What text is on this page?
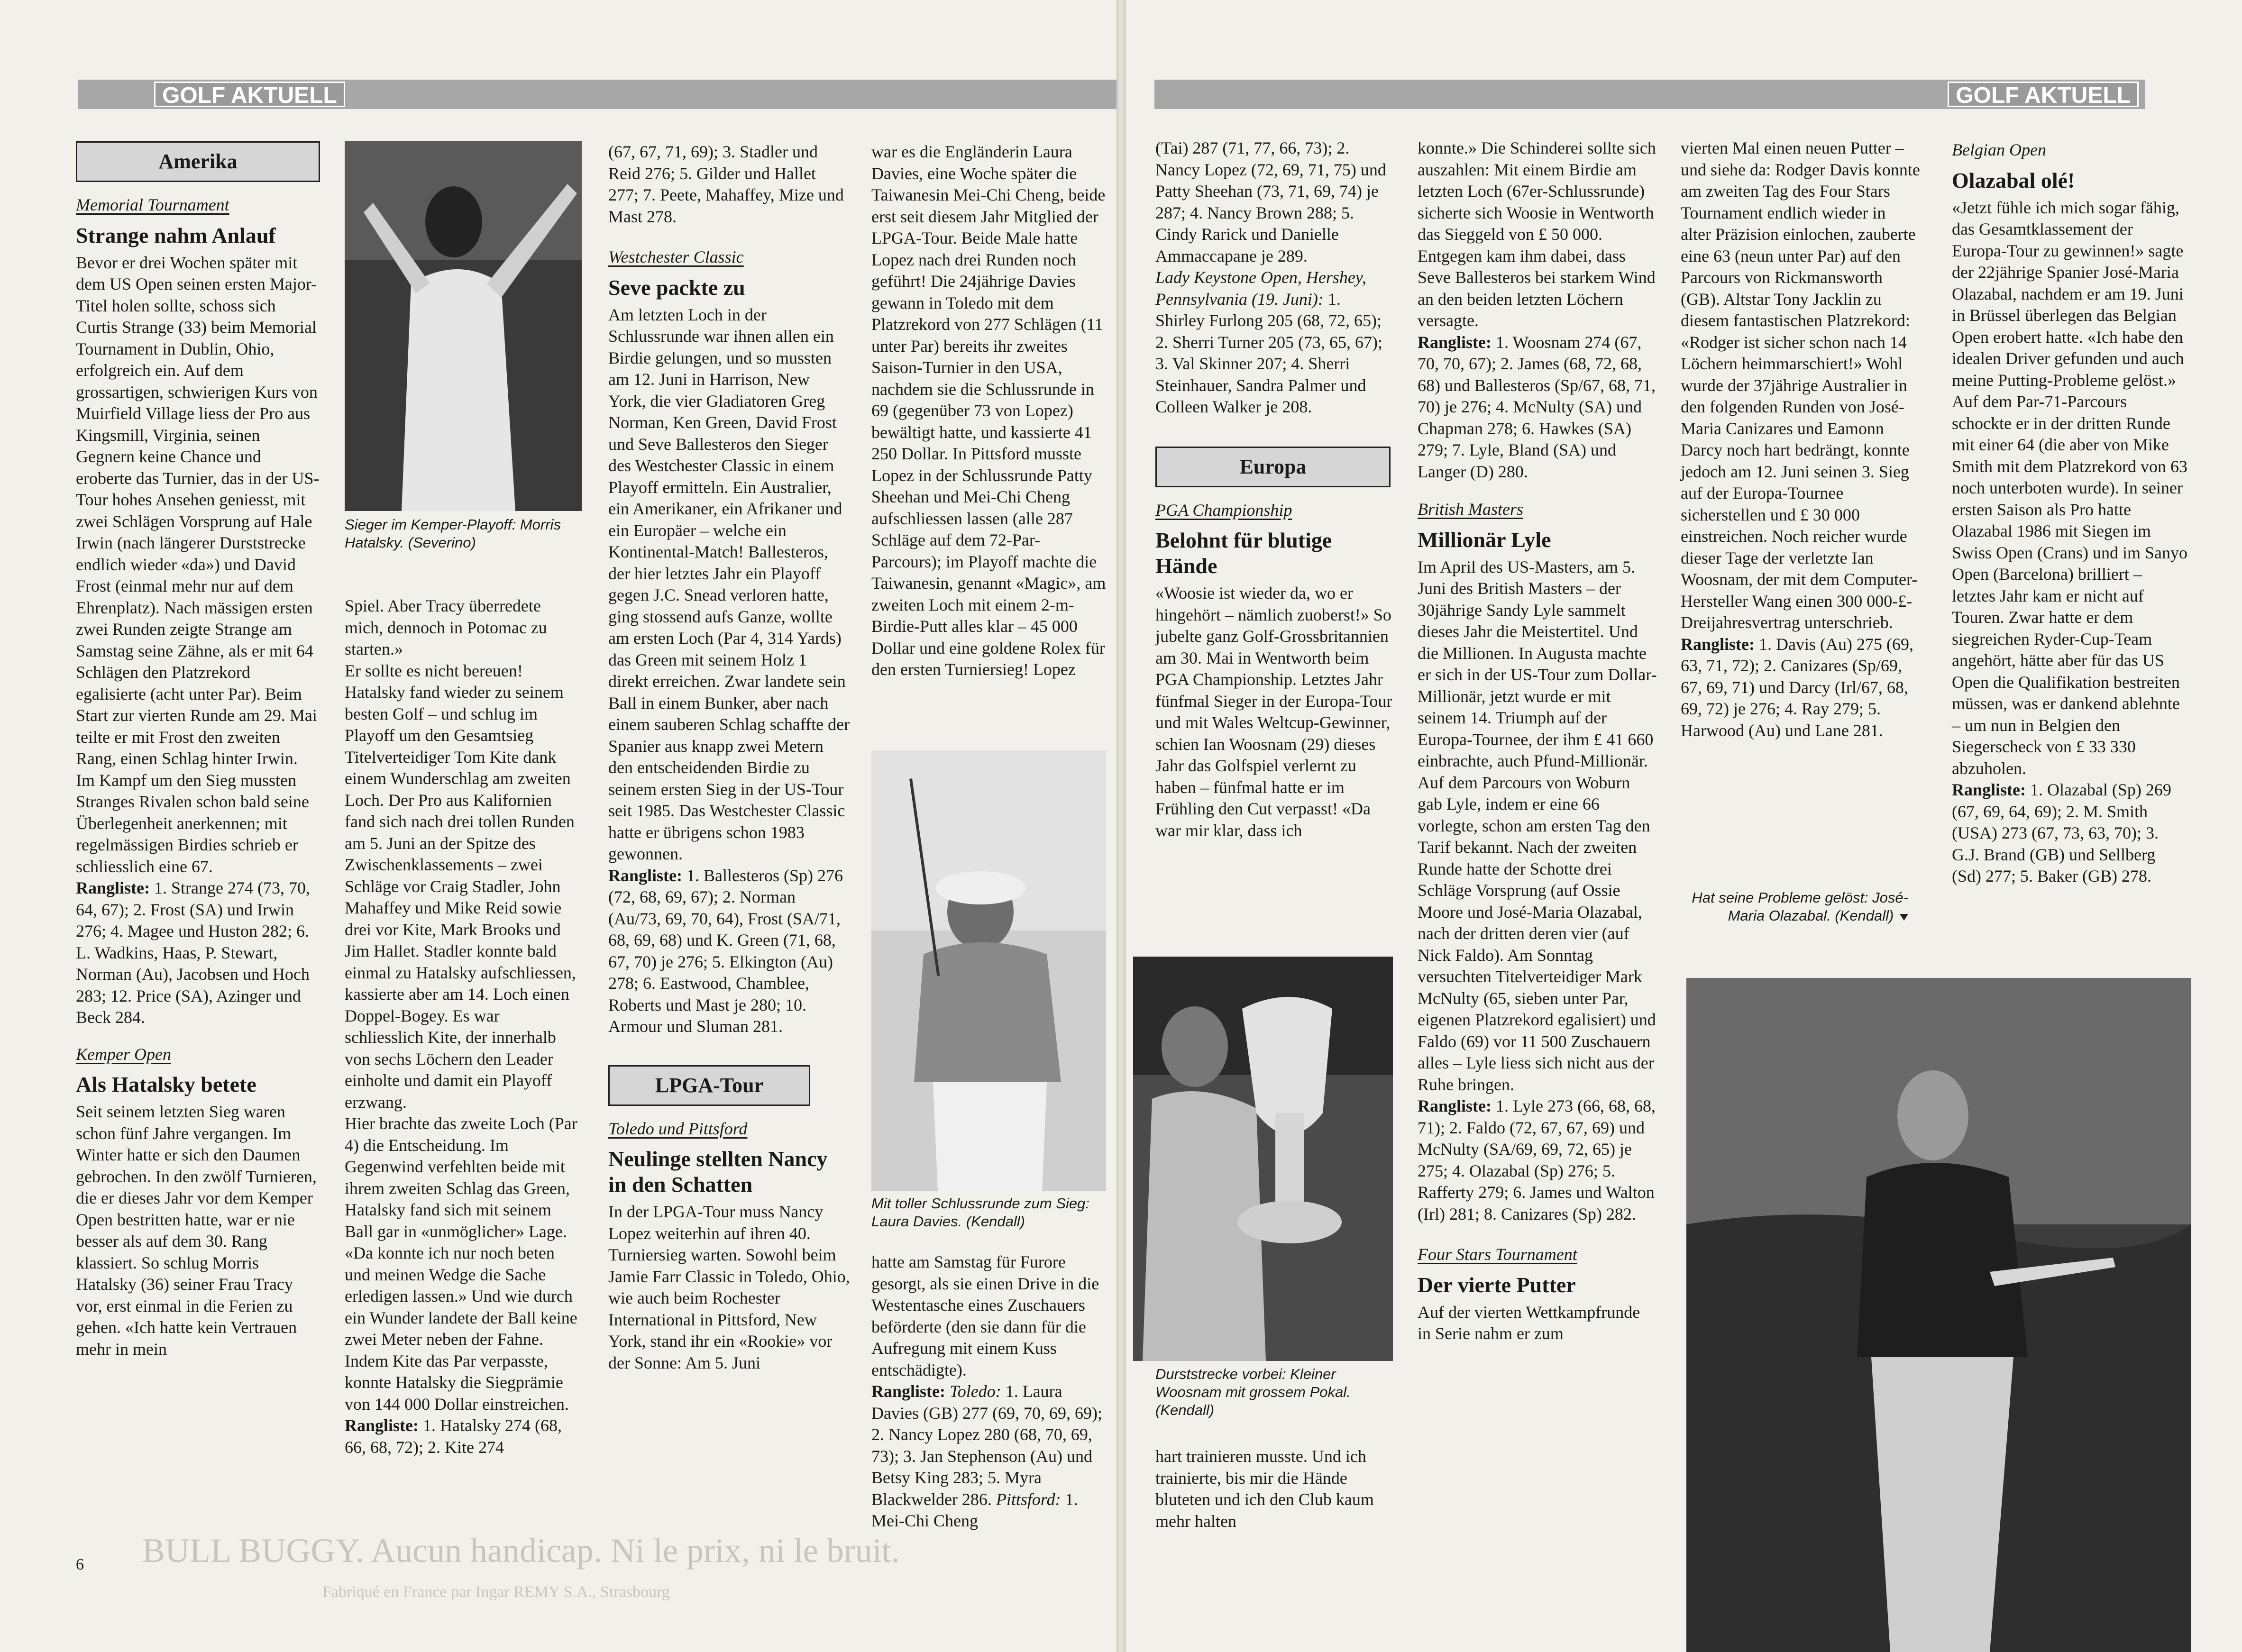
GOLF AKTUELL
BULL BUGGY. Aucun handicap. Ni le prix, ni le bruit.
Fabriqué en France par Ingar REMY S.A., Strasbourg
Amerika
Memorial Tournament
Strange nahm Anlauf

Bevor er drei Wochen später mit dem US Open seinen ersten Major-Titel holen sollte, schoss sich Curtis Strange (33) beim Memorial Tournament in Dublin, Ohio, erfolgreich ein. Auf dem grossartigen, schwierigen Kurs von Muirfield Village liess der Pro aus Kingsmill, Virginia, seinen Gegnern keine Chance und eroberte das Turnier, das in der US-Tour hohes Ansehen geniesst, mit zwei Schlägen Vorsprung auf Hale Irwin (nach längerer Durststrecke endlich wieder «da») und David Frost (einmal mehr nur auf dem Ehrenplatz). Nach mässigen ersten zwei Runden zeigte Strange am Samstag seine Zähne, als er mit 64 Schlägen den Platzrekord egalisierte (acht unter Par). Beim Start zur vierten Runde am 29. Mai teilte er mit Frost den zweiten Rang, einen Schlag hinter Irwin. Im Kampf um den Sieg mussten Stranges Rivalen schon bald seine Überlegenheit anerkennen; mit regelmässigen Birdies schrieb er schliesslich eine 67.

Rangliste: 1. Strange 274 (73, 70, 64, 67); 2. Frost (SA) und Irwin 276; 4. Magee und Huston 282; 6. L. Wadkins, Haas, P. Stewart, Norman (Au), Jacobsen und Hoch 283; 12. Price (SA), Azinger und Beck 284.

Kemper Open
Als Hatalsky betete

Seit seinem letzten Sieg waren schon fünf Jahre vergangen. Im Winter hatte er sich den Daumen gebrochen. In den zwölf Turnieren, die er dieses Jahr vor dem Kemper Open bestritten hatte, war er nie besser als auf dem 30. Rang klassiert. So schlug Morris Hatalsky (36) seiner Frau Tracy vor, erst einmal in die Ferien zu gehen. «Ich hatte kein Vertrauen mehr in mein

Sieger im Kemper-Playoff: Morris Hatalsky. (Severino)

Spiel. Aber Tracy überredete mich, dennoch in Potomac zu starten.»

Er sollte es nicht bereuen! Hatalsky fand wieder zu seinem besten Golf – und schlug im Playoff um den Gesamtsieg Titelverteidiger Tom Kite dank einem Wunderschlag am zweiten Loch. Der Pro aus Kalifornien fand sich nach drei tollen Runden am 5. Juni an der Spitze des Zwischenklassements – zwei Schläge vor Craig Stadler, John Mahaffey und Mike Reid sowie drei vor Kite, Mark Brooks und Jim Hallet. Stadler konnte bald einmal zu Hatalsky aufschliessen, kassierte aber am 14. Loch einen Doppel-Bogey. Es war schliesslich Kite, der innerhalb von sechs Löchern den Leader einholte und damit ein Playoff erzwang.

Hier brachte das zweite Loch (Par 4) die Entscheidung. Im Gegenwind verfehlten beide mit ihrem zweiten Schlag das Green, Hatalsky fand sich mit seinem Ball gar in «unmöglicher» Lage. «Da konnte ich nur noch beten und meinen Wedge die Sache erledigen lassen.» Und wie durch ein Wunder landete der Ball keine zwei Meter neben der Fahne. Indem Kite das Par verpasste, konnte Hatalsky die Siegprämie von 144 000 Dollar einstreichen.

Rangliste: 1. Hatalsky 274 (68, 66, 68, 72); 2. Kite 274

(67, 67, 71, 69); 3. Stadler und Reid 276; 5. Gilder und Hallet 277; 7. Peete, Mahaffey, Mize und Mast 278.

Westchester Classic
Seve packte zu

Am letzten Loch in der Schlussrunde war ihnen allen ein Birdie gelungen, und so mussten am 12. Juni in Harrison, New York, die vier Gladiatoren Greg Norman, Ken Green, David Frost und Seve Ballesteros den Sieger des Westchester Classic in einem Playoff ermitteln. Ein Australier, ein Amerikaner, ein Afrikaner und ein Europäer – welche ein Kontinental-Match! Ballesteros, der hier letztes Jahr ein Playoff gegen J.C. Snead verloren hatte, ging stossend aufs Ganze, wollte am ersten Loch (Par 4, 314 Yards) das Green mit seinem Holz 1 direkt erreichen. Zwar landete sein Ball in einem Bunker, aber nach einem sauberen Schlag schaffte der Spanier aus knapp zwei Metern den entscheidenden Birdie zu seinem ersten Sieg in der US-Tour seit 1985. Das Westchester Classic hatte er übrigens schon 1983 gewonnen.

Rangliste: 1. Ballesteros (Sp) 276 (72, 68, 69, 67); 2. Norman (Au/73, 69, 70, 64), Frost (SA/71, 68, 69, 68) und K. Green (71, 68, 67, 70) je 276; 5. Elkington (Au) 278; 6. Eastwood, Chamblee, Roberts und Mast je 280; 10. Armour und Sluman 281.

LPGA-Tour
Toledo und Pittsford
Neulinge stellten Nancy in den Schatten

In der LPGA-Tour muss Nancy Lopez weiterhin auf ihren 40. Turniersieg warten. Sowohl beim Jamie Farr Classic in Toledo, Ohio, wie auch beim Rochester International in Pittsford, New York, stand ihr ein «Rookie» vor der Sonne: Am 5. Juni

war es die Engländerin Laura Davies, eine Woche später die Taiwanesin Mei-Chi Cheng, beide erst seit diesem Jahr Mitglied der LPGA-Tour. Beide Male hatte Lopez nach drei Runden noch geführt! Die 24jährige Davies gewann in Toledo mit dem Platzrekord von 277 Schlägen (11 unter Par) bereits ihr zweites Saison-Turnier in den USA, nachdem sie die Schlussrunde in 69 (gegenüber 73 von Lopez) bewältigt hatte, und kassierte 41 250 Dollar. In Pittsford musste Lopez in der Schlussrunde Patty Sheehan und Mei-Chi Cheng aufschliessen lassen (alle 287 Schläge auf dem 72-Par-Parcours); im Playoff machte die Taiwanesin, genannt «Magic», am zweiten Loch mit einem 2-m-Birdie-Putt alles klar – 45 000 Dollar und eine goldene Rolex für den ersten Turniersieg! Lopez

Mit toller Schlussrunde zum Sieg: Laura Davies. (Kendall)

hatte am Samstag für Furore gesorgt, als sie einen Drive in die Westentasche eines Zuschauers beförderte (den sie dann für die Aufregung mit einem Kuss entschädigte).

Rangliste: Toledo: 1. Laura Davies (GB) 277 (69, 70, 69, 69); 2. Nancy Lopez 280 (68, 70, 69, 73); 3. Jan Stephenson (Au) und Betsy King 283; 5. Myra Blackwelder 286. Pittsford: 1. Mei-Chi Cheng

6
GOLF AKTUELL

(Tai) 287 (71, 77, 66, 73); 2. Nancy Lopez (72, 69, 71, 75) und Patty Sheehan (73, 71, 69, 74) je 287; 4. Nancy Brown 288; 5. Cindy Rarick und Danielle Ammaccapane je 289.

Lady Keystone Open, Hershey, Pennsylvania (19. Juni): 1. Shirley Furlong 205 (68, 72, 65); 2. Sherri Turner 205 (73, 65, 67); 3. Val Skinner 207; 4. Sherri Steinhauer, Sandra Palmer und Colleen Walker je 208.

Europa
PGA Championship
Belohnt für blutige Hände

«Woosie ist wieder da, wo er hingehört – nämlich zuoberst!» So jubelte ganz Golf-Grossbritannien am 30. Mai in Wentworth beim PGA Championship. Letztes Jahr fünfmal Sieger in der Europa-Tour und mit Wales Weltcup-Gewinner, schien Ian Woosnam (29) dieses Jahr das Golfspiel verlernt zu haben – fünfmal hatte er im Frühling den Cut verpasst! «Da war mir klar, dass ich

Durststrecke vorbei: Kleiner Woosnam mit grossem Pokal. (Kendall)

hart trainieren musste. Und ich trainierte, bis mir die Hände bluteten und ich den Club kaum mehr halten

konnte.» Die Schinderei sollte sich auszahlen: Mit einem Birdie am letzten Loch (67er-Schlussrunde) sicherte sich Woosie in Wentworth das Sieggeld von £ 50 000. Entgegen kam ihm dabei, dass Seve Ballesteros bei starkem Wind an den beiden letzten Löchern versagte.

Rangliste: 1. Woosnam 274 (67, 70, 70, 67); 2. James (68, 72, 68, 68) und Ballesteros (Sp/67, 68, 71, 70) je 276; 4. McNulty (SA) und Chapman 278; 6. Hawkes (SA) 279; 7. Lyle, Bland (SA) und Langer (D) 280.

British Masters
Millionär Lyle

Im April des US-Masters, am 5. Juni des British Masters – der 30jährige Sandy Lyle sammelt dieses Jahr die Meistertitel. Und die Millionen. In Augusta machte er sich in der US-Tour zum Dollar-Millionär, jetzt wurde er mit seinem 14. Triumph auf der Europa-Tournee, der ihm £ 41 660 einbrachte, auch Pfund-Millionär.

Auf dem Parcours von Woburn gab Lyle, indem er eine 66 vorlegte, schon am ersten Tag den Tarif bekannt. Nach der zweiten Runde hatte der Schotte drei Schläge Vorsprung (auf Ossie Moore und José-Maria Olazabal, nach der dritten deren vier (auf Nick Faldo). Am Sonntag versuchten Titelverteidiger Mark McNulty (65, sieben unter Par, eigenen Platzrekord egalisiert) und Faldo (69) vor 11 500 Zuschauern alles – Lyle liess sich nicht aus der Ruhe bringen.

Rangliste: 1. Lyle 273 (66, 68, 68, 71); 2. Faldo (72, 67, 67, 69) und McNulty (SA/69, 69, 72, 65) je 275; 4. Olazabal (Sp) 276; 5. Rafferty 279; 6. James und Walton (Irl) 281; 8. Canizares (Sp) 282.

Four Stars Tournament
Der vierte Putter

Auf der vierten Wettkampfrunde in Serie nahm er zum

vierten Mal einen neuen Putter – und siehe da: Rodger Davis konnte am zweiten Tag des Four Stars Tournament endlich wieder in alter Präzision einlochen, zauberte eine 63 (neun unter Par) auf den Parcours von Rickmansworth (GB). Altstar Tony Jacklin zu diesem fantastischen Platzrekord: «Rodger ist sicher schon nach 14 Löchern heimmarschiert!» Wohl wurde der 37jährige Australier in den folgenden Runden von José-Maria Canizares und Eamonn Darcy noch hart bedrängt, konnte jedoch am 12. Juni seinen 3. Sieg auf der Europa-Tournee sicherstellen und £ 30 000 einstreichen. Noch reicher wurde dieser Tage der verletzte Ian Woosnam, der mit dem Computer-Hersteller Wang einen 300 000-£-Dreijahresvertrag unterschrieb.

Rangliste: 1. Davis (Au) 275 (69, 63, 71, 72); 2. Canizares (Sp/69, 67, 69, 71) und Darcy (Irl/67, 68, 69, 72) je 276; 4. Ray 279; 5. Harwood (Au) und Lane 281.

Hat seine Probleme gelöst: José-Maria Olazabal. (Kendall)
Belgian Open
Olazabal olé!

«Jetzt fühle ich mich sogar fähig, das Gesamtklassement der Europa-Tour zu gewinnen!» sagte der 22jährige Spanier José-Maria Olazabal, nachdem er am 19. Juni in Brüssel überlegen das Belgian Open erobert hatte. «Ich habe den idealen Driver gefunden und auch meine Putting-Probleme gelöst.» Auf dem Par-71-Parcours schockte er in der dritten Runde mit einer 64 (die aber von Mike Smith mit dem Platzrekord von 63 noch unterboten wurde). In seiner ersten Saison als Pro hatte Olazabal 1986 mit Siegen im Swiss Open (Crans) und im Sanyo Open (Barcelona) brilliert – letztes Jahr kam er nicht auf Touren. Zwar hatte er dem siegreichen Ryder-Cup-Team angehört, hätte aber für das US Open die Qualifikation bestreiten müssen, was er dankend ablehnte – um nun in Belgien den Siegerscheck von £ 33 330 abzuholen.

Rangliste: 1. Olazabal (Sp) 269 (67, 69, 64, 69); 2. M. Smith (USA) 273 (67, 73, 63, 70); 3. G.J. Brand (GB) und Sellberg (Sd) 277; 5. Baker (GB) 278.
